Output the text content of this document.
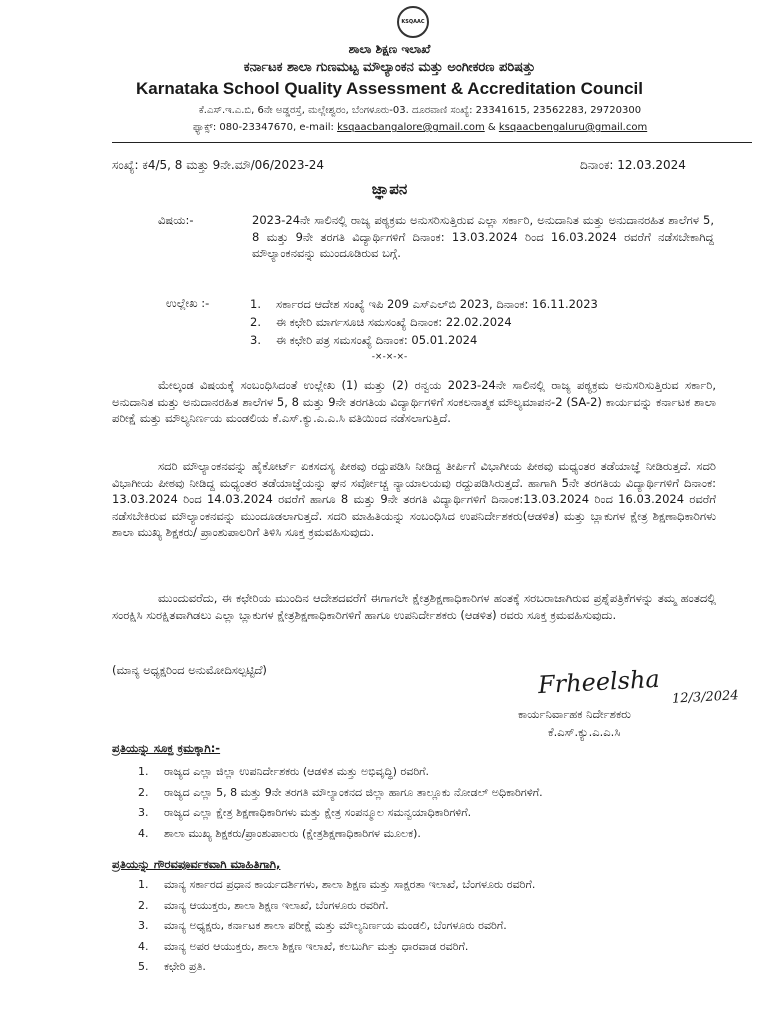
KSQAAC
ಶಾಲಾ ಶಿಕ್ಷಣ ಇಲಾಖೆ
ಕರ್ನಾಟಕ ಶಾಲಾ ಗುಣಮಟ್ಟ ಮೌಲ್ಯಾಂಕನ ಮತ್ತು ಅಂಗೀಕರಣ ಪರಿಷತ್ತು
Karnataka School Quality Assessment & Accreditation Council
ಕೆ.ಎಸ್.ಇ.ಎ.ಬಿ, 6ನೇ ಅಡ್ಡರಸ್ತೆ, ಮಲ್ಲೇಶ್ವರಂ, ಬೆಂಗಳೂರು-03. ದೂರವಾಣಿ ಸಂಖ್ಯೆ: 23341615, 23562283, 29720300
ಫ್ಯಾಕ್ಸ್: 080-23347670, e-mail: ksqaacbangalore@gmail.com & ksqaacbengaluru@gmail.com
ಸಂಖ್ಯೆ: ಕ4/5, 8 ಮತ್ತು 9ನೇ.ಮೌ/06/2023-24	ದಿನಾಂಕ: 12.03.2024
ಜ್ಞಾಪನ
ವಿಷಯ:-	2023-24ನೇ ಸಾಲಿನಲ್ಲಿ ರಾಜ್ಯ ಪಠ್ಯಕ್ರಮ ಅನುಸರಿಸುತ್ತಿರುವ ಎಲ್ಲಾ ಸರ್ಕಾರಿ, ಅನುದಾನಿತ ಮತ್ತು ಅನುದಾನರಹಿತ ಶಾಲೆಗಳ 5, 8 ಮತ್ತು 9ನೇ ತರಗತಿ ವಿದ್ಯಾರ್ಥಿಗಳಿಗೆ ದಿನಾಂಕ: 13.03.2024 ರಿಂದ 16.03.2024 ರವರೆಗೆ ನಡೆಸಬೇಕಾಗಿದ್ದ ಮೌಲ್ಯಾಂಕನವನ್ನು ಮುಂದೂಡಿರುವ ಬಗ್ಗೆ.
ಉಲ್ಲೇಖ :-	1.	ಸರ್ಕಾರದ ಆದೇಶ ಸಂಖ್ಯೆ ಇಪಿ 209 ಎಸ್‌ಎಲ್‌ಬಿ 2023, ದಿನಾಂಕ: 16.11.2023
2.	ಈ ಕಛೇರಿ ಮಾರ್ಗಸೂಚಿ ಸಮಸಂಖ್ಯೆ ದಿನಾಂಕ: 22.02.2024
3.	ಈ ಕಛೇರಿ ಪತ್ರ ಸಮಸಂಖ್ಯೆ ದಿನಾಂಕ: 05.01.2024
-×-×-×-
ಮೇಲ್ಕಂಡ ವಿಷಯಕ್ಕೆ ಸಂಬಂಧಿಸಿದಂತೆ ಉಲ್ಲೇಖ (1) ಮತ್ತು (2) ರನ್ವಯ 2023-24ನೇ ಸಾಲಿನಲ್ಲಿ ರಾಜ್ಯ ಪಠ್ಯಕ್ರಮ ಅನುಸರಿಸುತ್ತಿರುವ ಸರ್ಕಾರಿ, ಅನುದಾನಿತ ಮತ್ತು ಅನುದಾನರಹಿತ ಶಾಲೆಗಳ 5, 8 ಮತ್ತು 9ನೇ ತರಗತಿಯ ವಿದ್ಯಾರ್ಥಿಗಳಿಗೆ ಸಂಕಲನಾತ್ಮಕ ಮೌಲ್ಯಮಾಪನ-2 (SA-2) ಕಾರ್ಯವನ್ನು ಕರ್ನಾಟಕ ಶಾಲಾ ಪರೀಕ್ಷೆ ಮತ್ತು ಮೌಲ್ಯನಿರ್ಣಯ ಮಂಡಲಿಯ ಕೆ.ಎಸ್.ಕ್ಯು.ಎ.ಎ.ಸಿ ವತಿಯಿಂದ ನಡೆಸಲಾಗುತ್ತಿದೆ.
ಸದರಿ ಮೌಲ್ಯಾಂಕನವನ್ನು ಹೈಕೋರ್ಟ್ ಏಕಸದಸ್ಯ ಪೀಠವು ರದ್ದುಪಡಿಸಿ ನೀಡಿದ್ದ ತೀರ್ಪಿಗೆ ವಿಭಾಗೀಯ ಪೀಠವು ಮಧ್ಯಂತರ ತಡೆಯಾಜ್ಞೆ ನೀಡಿರುತ್ತದೆ. ಸದರಿ ವಿಭಾಗೀಯ ಪೀಠವು ನೀಡಿದ್ದ ಮಧ್ಯಂತರ ತಡೆಯಾಜ್ಞೆಯನ್ನು ಘನ ಸರ್ವೋಚ್ಚ ನ್ಯಾಯಾಲಯವು ರದ್ದುಪಡಿಸಿರುತ್ತದೆ. ಹಾಗಾಗಿ 5ನೇ ತರಗತಿಯ ವಿದ್ಯಾರ್ಥಿಗಳಿಗೆ ದಿನಾಂಕ: 13.03.2024 ರಿಂದ 14.03.2024 ರವರೆಗೆ ಹಾಗೂ 8 ಮತ್ತು 9ನೇ ತರಗತಿ ವಿದ್ಯಾರ್ಥಿಗಳಿಗೆ ದಿನಾಂಕ:13.03.2024 ರಿಂದ 16.03.2024 ರವರೆಗೆ ನಡೆಸಬೇಕಿರುವ ಮೌಲ್ಯಾಂಕನವನ್ನು ಮುಂದೂಡಲಾಗುತ್ತದೆ. ಸದರಿ ಮಾಹಿತಿಯನ್ನು ಸಂಬಂಧಿಸಿದ ಉಪನಿರ್ದೇಶಕರು(ಆಡಳಿತ) ಮತ್ತು ಬ್ಲಾಕುಗಳ ಕ್ಷೇತ್ರ ಶಿಕ್ಷಣಾಧಿಕಾರಿಗಳು ಶಾಲಾ ಮುಖ್ಯ ಶಿಕ್ಷಕರು/ ಪ್ರಾಂಶುಪಾಲರಿಗೆ ತಿಳಿಸಿ ಸೂಕ್ತ ಕ್ರಮವಹಿಸುವುದು.
ಮುಂದುವರೆದು, ಈ ಕಛೇರಿಯ ಮುಂದಿನ ಆದೇಶದವರೆಗೆ ಈಗಾಗಲೇ ಕ್ಷೇತ್ರಶಿಕ್ಷಣಾಧಿಕಾರಿಗಳ ಹಂತಕ್ಕೆ ಸರಬರಾಜಾಗಿರುವ ಪ್ರಶ್ನೆಪತ್ರಿಕೆಗಳನ್ನು ತಮ್ಮ ಹಂತದಲ್ಲಿ ಸಂರಕ್ಷಿಸಿ ಸುರಕ್ಷಿತವಾಗಿಡಲು ಎಲ್ಲಾ ಬ್ಲಾಕುಗಳ ಕ್ಷೇತ್ರಶಿಕ್ಷಣಾಧಿಕಾರಿಗಳಿಗೆ ಹಾಗೂ ಉಪನಿರ್ದೇಶಕರು (ಆಡಳಿತ) ರವರು ಸೂಕ್ತ ಕ್ರಮವಹಿಸುವುದು.
(ಮಾನ್ಯ ಅಧ್ಯಕ್ಷರಿಂದ ಅನುಮೋದಿಸಲ್ಪಟ್ಟಿದೆ)	Frheelsha 12/3/2024
ಕಾರ್ಯನಿರ್ವಾಹಕ ನಿರ್ದೇಶಕರು
ಕೆ.ಎಸ್.ಕ್ಯು.ಎ.ಎ.ಸಿ
ಪ್ರತಿಯನ್ನು ಸೂಕ್ತ ಕ್ರಮಕ್ಕಾಗಿ:-
1.	ರಾಜ್ಯದ ಎಲ್ಲಾ ಜಿಲ್ಲಾ ಉಪನಿರ್ದೇಶಕರು (ಆಡಳಿತ ಮತ್ತು ಅಭಿವೃದ್ಧಿ) ರವರಿಗೆ.
2.	ರಾಜ್ಯದ ಎಲ್ಲಾ 5, 8 ಮತ್ತು 9ನೇ ತರಗತಿ ಮೌಲ್ಯಾಂಕನದ ಜಿಲ್ಲಾ ಹಾಗೂ ತಾಲ್ಲೂಕು ನೋಡಲ್ ಅಧಿಕಾರಿಗಳಿಗೆ.
3.	ರಾಜ್ಯದ ಎಲ್ಲಾ ಕ್ಷೇತ್ರ ಶಿಕ್ಷಣಾಧಿಕಾರಿಗಳು ಮತ್ತು ಕ್ಷೇತ್ರ ಸಂಪನ್ಮೂಲ ಸಮನ್ವಯಾಧಿಕಾರಿಗಳಿಗೆ.
4.	ಶಾಲಾ ಮುಖ್ಯ ಶಿಕ್ಷಕರು/ಪ್ರಾಂಶುಪಾಲರು (ಕ್ಷೇತ್ರಶಿಕ್ಷಣಾಧಿಕಾರಿಗಳ ಮೂಲಕ).
ಪ್ರತಿಯನ್ನು ಗೌರವಪೂರ್ವಕವಾಗಿ ಮಾಹಿತಿಗಾಗಿ,
1.	ಮಾನ್ಯ ಸರ್ಕಾರದ ಪ್ರಧಾನ ಕಾರ್ಯದರ್ಶಿಗಳು, ಶಾಲಾ ಶಿಕ್ಷಣ ಮತ್ತು ಸಾಕ್ಷರತಾ ಇಲಾಖೆ, ಬೆಂಗಳೂರು ರವರಿಗೆ.
2.	ಮಾನ್ಯ ಆಯುಕ್ತರು, ಶಾಲಾ ಶಿಕ್ಷಣ ಇಲಾಖೆ, ಬೆಂಗಳೂರು ರವರಿಗೆ.
3.	ಮಾನ್ಯ ಅಧ್ಯಕ್ಷರು, ಕರ್ನಾಟಕ ಶಾಲಾ ಪರೀಕ್ಷೆ ಮತ್ತು ಮೌಲ್ಯನಿರ್ಣಯ ಮಂಡಲಿ, ಬೆಂಗಳೂರು ರವರಿಗೆ.
4.	ಮಾನ್ಯ ಅಪರ ಆಯುಕ್ತರು, ಶಾಲಾ ಶಿಕ್ಷಣ ಇಲಾಖೆ, ಕಲಬುರ್ಗಿ ಮತ್ತು ಧಾರವಾಡ ರವರಿಗೆ.
5.	ಕಛೇರಿ ಪ್ರತಿ.
